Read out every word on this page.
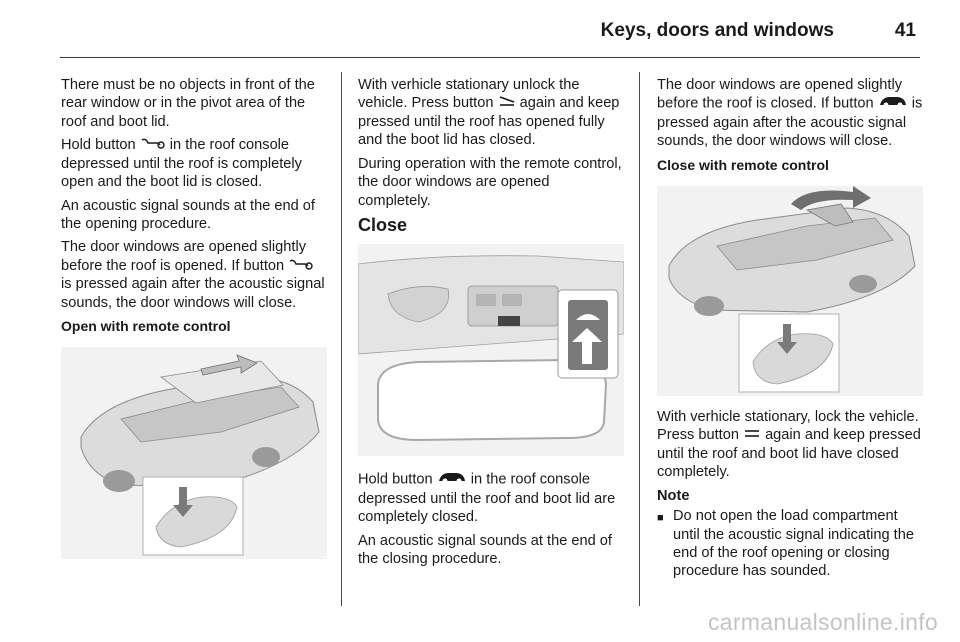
Keys, doors and windows	41

There must be no objects in front of the rear window or in the pivot area of the roof and boot lid.

Hold button in the roof console depressed until the roof is completely open and the boot lid is closed.

An acoustic signal sounds at the end of the opening procedure.

The door windows are opened slightly before the roof is opened. If button  is pressed again after the acoustic signal sounds, the door windows will close.

Open with remote control

With verhicle stationary unlock the vehicle. Press button again and keep pressed until the roof has opened fully and the boot lid has closed.

During operation with the remote control, the door windows are opened completely.

Close

Hold button	in the roof console depressed until the roof and boot lid are completely closed.

An acoustic signal sounds at the end of the closing procedure.

The door windows are opened slightly before the roof is closed. If button	is pressed again after the acoustic signal sounds, the door windows will close.

Close with remote control

With verhicle stationary, lock the vehicle. Press button again and keep pressed until the roof and boot lid have closed completely.

Note

■ Do not open the load compartment until the acoustic signal indicating the end of the roof opening or closing procedure has sounded.
carmanualsonline.info
